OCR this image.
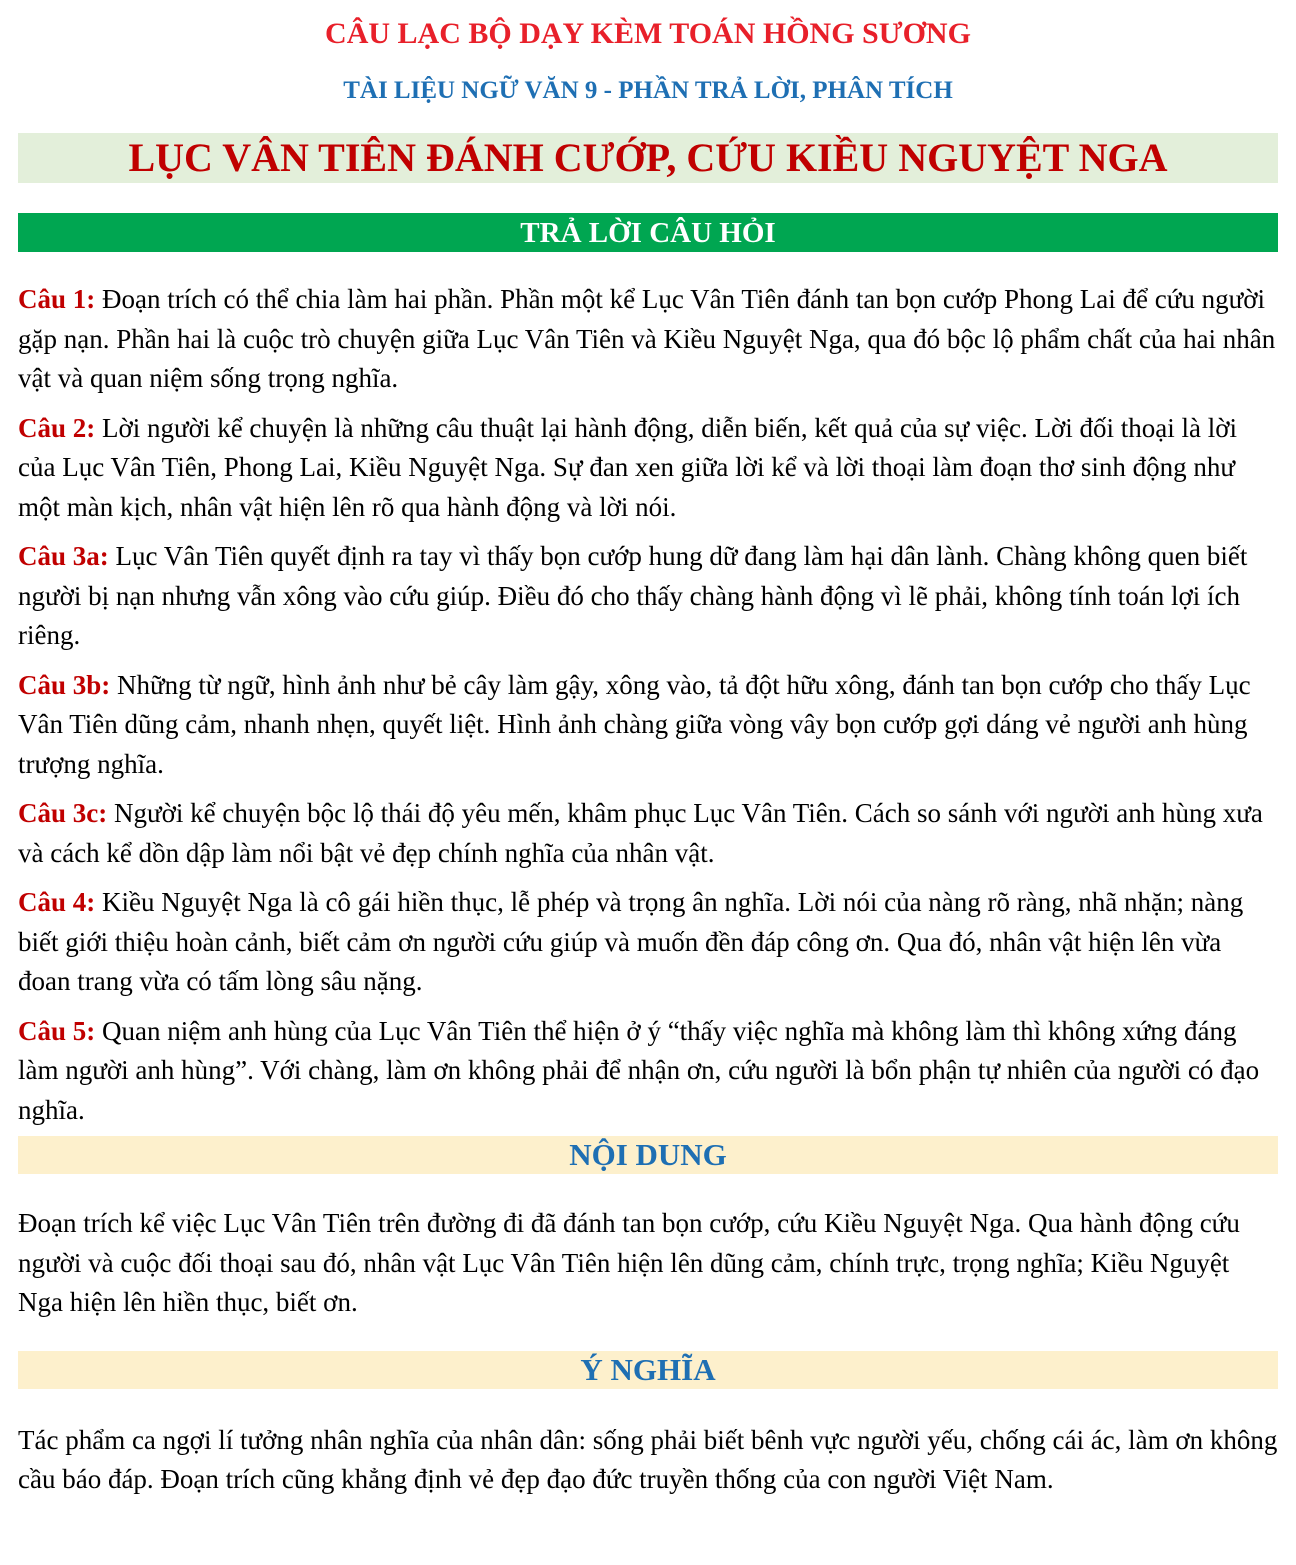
CÂU LẠC BỘ DẠY KÈM TOÁN HỒNG SƯƠNG
TÀI LIỆU NGỮ VĂN 9 - PHẦN TRẢ LỜI, PHÂN TÍCH
LỤC VÂN TIÊN ĐÁNH CƯỚP, CỨU KIỀU NGUYỆT NGA
TRẢ LỜI CÂU HỎI

Câu 1: Đoạn trích có thể chia làm hai phần. Phần một kể Lục Vân Tiên đánh tan bọn cướp Phong Lai để cứu người gặp nạn. Phần hai là cuộc trò chuyện giữa Lục Vân Tiên và Kiều Nguyệt Nga, qua đó bộc lộ phẩm chất của hai nhân vật và quan niệm sống trọng nghĩa.

Câu 2: Lời người kể chuyện là những câu thuật lại hành động, diễn biến, kết quả của sự việc. Lời đối thoại là lời của Lục Vân Tiên, Phong Lai, Kiều Nguyệt Nga. Sự đan xen giữa lời kể và lời thoại làm đoạn thơ sinh động như một màn kịch, nhân vật hiện lên rõ qua hành động và lời nói.

Câu 3a: Lục Vân Tiên quyết định ra tay vì thấy bọn cướp hung dữ đang làm hại dân lành. Chàng không quen biết người bị nạn nhưng vẫn xông vào cứu giúp. Điều đó cho thấy chàng hành động vì lẽ phải, không tính toán lợi ích riêng.

Câu 3b: Những từ ngữ, hình ảnh như bẻ cây làm gậy, xông vào, tả đột hữu xông, đánh tan bọn cướp cho thấy Lục Vân Tiên dũng cảm, nhanh nhẹn, quyết liệt. Hình ảnh chàng giữa vòng vây bọn cướp gợi dáng vẻ người anh hùng trượng nghĩa.

Câu 3c: Người kể chuyện bộc lộ thái độ yêu mến, khâm phục Lục Vân Tiên. Cách so sánh với người anh hùng xưa và cách kể dồn dập làm nổi bật vẻ đẹp chính nghĩa của nhân vật.

Câu 4: Kiều Nguyệt Nga là cô gái hiền thục, lễ phép và trọng ân nghĩa. Lời nói của nàng rõ ràng, nhã nhặn; nàng biết giới thiệu hoàn cảnh, biết cảm ơn người cứu giúp và muốn đền đáp công ơn. Qua đó, nhân vật hiện lên vừa đoan trang vừa có tấm lòng sâu nặng.

Câu 5: Quan niệm anh hùng của Lục Vân Tiên thể hiện ở ý “thấy việc nghĩa mà không làm thì không xứng đáng làm người anh hùng”. Với chàng, làm ơn không phải để nhận ơn, cứu người là bổn phận tự nhiên của người có đạo nghĩa.

NỘI DUNG

Đoạn trích kể việc Lục Vân Tiên trên đường đi đã đánh tan bọn cướp, cứu Kiều Nguyệt Nga. Qua hành động cứu người và cuộc đối thoại sau đó, nhân vật Lục Vân Tiên hiện lên dũng cảm, chính trực, trọng nghĩa; Kiều Nguyệt Nga hiện lên hiền thục, biết ơn.

Ý NGHĨA

Tác phẩm ca ngợi lí tưởng nhân nghĩa của nhân dân: sống phải biết bênh vực người yếu, chống cái ác, làm ơn không cầu báo đáp. Đoạn trích cũng khẳng định vẻ đẹp đạo đức truyền thống của con người Việt Nam.
